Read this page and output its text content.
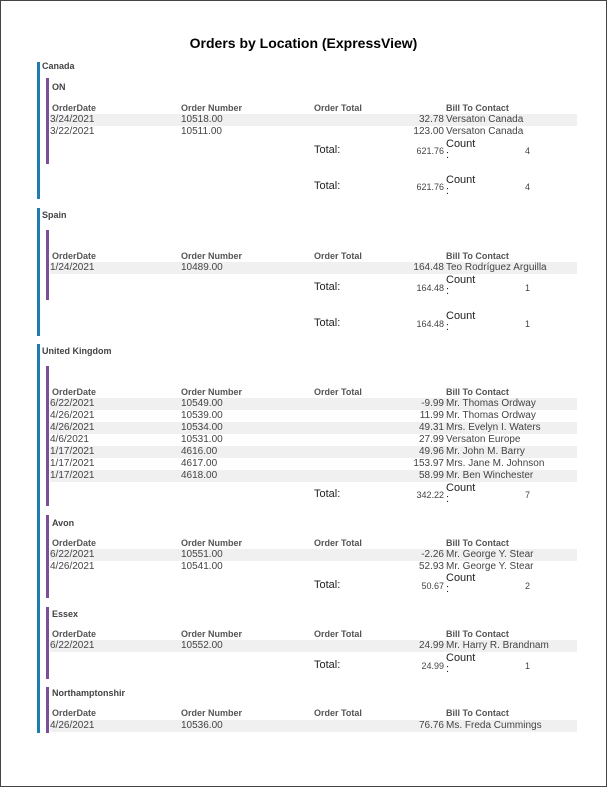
Orders by Location (ExpressView)
Canada
ON
OrderDate	Order Number	Order Total	Bill To Contact
3/24/2021	10518.00	32.78 Versaton Canada
3/22/2021	10511.00	123.00 Versaton Canada
Total:	621.76
Count
:	4
Total:	621.76
Count
:	4
Spain
OrderDate	Order Number	Order Total	Bill To Contact
1/24/2021	10489.00	164.48 Teo Rodríguez Arguilla
Total:	164.48
Count
:	1
Total:	164.48
Count
:	1
United Kingdom
OrderDate	Order Number	Order Total	Bill To Contact
6/22/2021	10549.00	-9.99 Mr. Thomas Ordway
4/26/2021	10539.00	11.99 Mr. Thomas Ordway
4/26/2021	10534.00	49.31 Mrs. Evelyn I. Waters
4/6/2021	10531.00	27.99 Versaton Europe
1/17/2021	4616.00	49.96 Mr. John M. Barry
1/17/2021	4617.00	153.97 Mrs. Jane M. Johnson
1/17/2021	4618.00	58.99 Mr. Ben Winchester
Total:	342.22
Count
:	7
Avon
OrderDate	Order Number	Order Total	Bill To Contact
6/22/2021	10551.00	-2.26 Mr. George Y. Stear
4/26/2021	10541.00	52.93 Mr. George Y. Stear
Total:	50.67
Count
:	2
Essex
OrderDate	Order Number	Order Total	Bill To Contact
6/22/2021	10552.00	24.99 Mr. Harry R. Brandnam
Total:	24.99
Count
:	1
Northamptonshir
OrderDate	Order Number	Order Total	Bill To Contact
4/26/2021	10536.00	76.76 Ms. Freda Cummings
